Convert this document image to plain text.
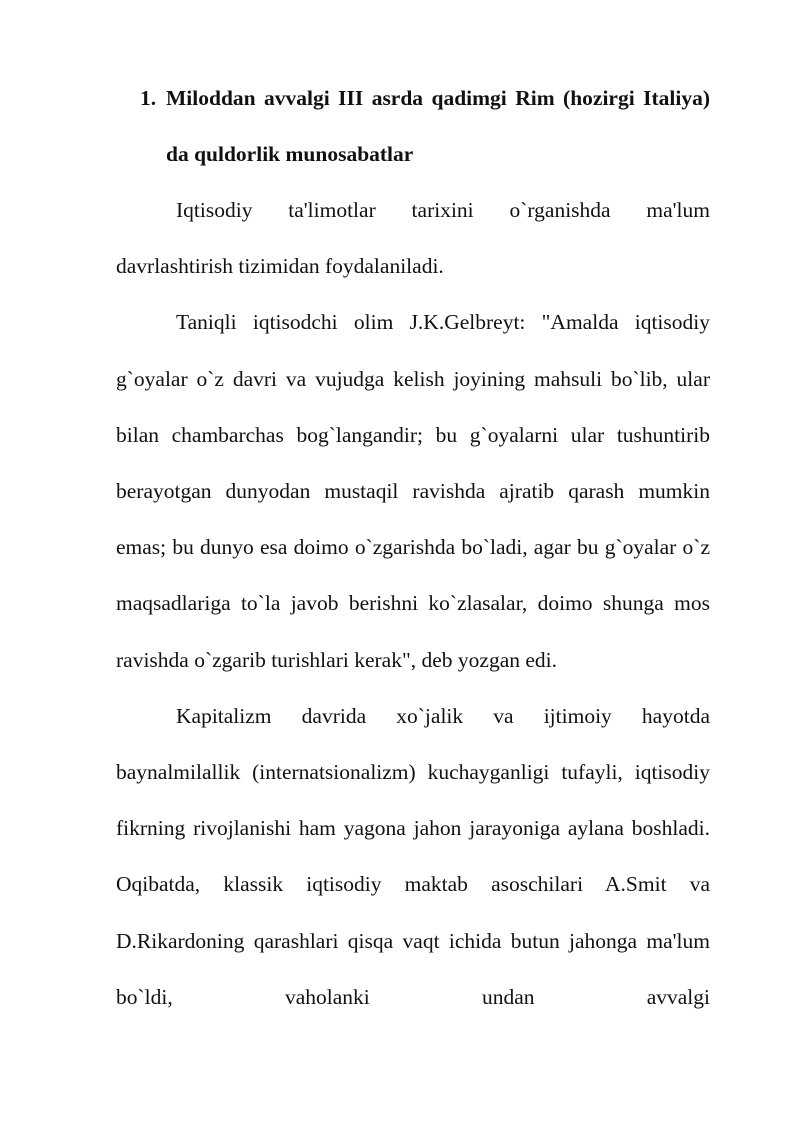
1. Miloddan avvalgi III asrda qadimgi Rim (hozirgi Italiya) da quldorlik munosabatlar

Iqtisodiy ta'limotlar tarixini o`rganishda ma'lum davrlashtirish tizimidan foydalaniladi.

Taniqli iqtisodchi olim J.K.Gelbreyt: "Amalda iqtisodiy g`oyalar o`z davri va vujudga kelish joyining mahsuli bo`lib, ular bilan chambarchas bog`langandir; bu g`oyalarni ular tushuntirib berayotgan dunyodan mustaqil ravishda ajratib qarash mumkin emas; bu dunyo esa doimo o`zgarishda bo`ladi, agar bu g`oyalar o`z maqsadlariga to`la javob berishni ko`zlasalar, doimo shunga mos ravishda o`zgarib turishlari kerak", deb yozgan edi.

Kapitalizm davrida xo`jalik va ijtimoiy hayotda baynalmilallik (internatsionalizm) kuchayganligi tufayli, iqtisodiy fikrning rivojlanishi ham yagona jahon jarayoniga aylana boshladi. Oqibatda, klassik iqtisodiy maktab asoschilari A.Smit va D.Rikardoning qarashlari qisqa vaqt ichida butun jahonga ma'lum bo`ldi, vaholanki undan avvalgi
